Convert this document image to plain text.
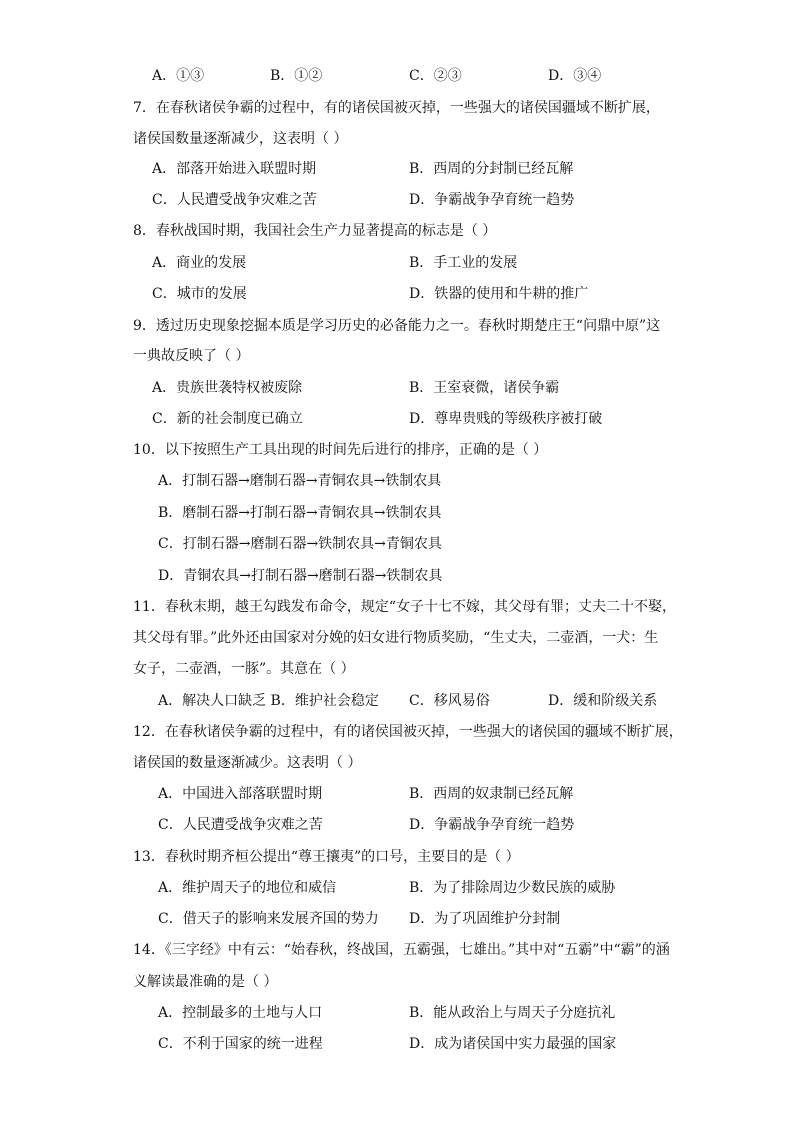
A．①③	B．①②	C．②③	D．③④
7．在春秋诸侯争霸的过程中，有的诸侯国被灭掉，一些强大的诸侯国疆域不断扩展，
诸侯国数量逐渐减少，这表明（ ）
A．部落开始进入联盟时期	B．西周的分封制已经瓦解
C．人民遭受战争灾难之苦	D．争霸战争孕育统一趋势
8．春秋战国时期，我国社会生产力显著提高的标志是（ ）
A．商业的发展	B．手工业的发展
C．城市的发展	D．铁器的使用和牛耕的推广
9．透过历史现象挖掘本质是学习历史的必备能力之一。春秋时期楚庄王“问鼎中原”这
一典故反映了（ ）
A．贵族世袭特权被废除	B．王室衰微，诸侯争霸
C．新的社会制度已确立	D．尊卑贵贱的等级秩序被打破
10．以下按照生产工具出现的时间先后进行的排序，正确的是（ ）
A．打制石器→磨制石器→青铜农具→铁制农具
B．磨制石器→打制石器→青铜农具→铁制农具
C．打制石器→磨制石器→铁制农具→青铜农具
D．青铜农具→打制石器→磨制石器→铁制农具
11．春秋末期，越王勾践发布命令，规定“女子十七不嫁，其父母有罪；丈夫二十不娶，
其父母有罪。”此外还由国家对分娩的妇女进行物质奖励，“生丈夫，二壶酒，一犬：生
女子，二壶酒，一豚”。其意在（ ）
A．解决人口缺乏 B．维护社会稳定 C．移风易俗	D．缓和阶级关系
12．在春秋诸侯争霸的过程中，有的诸侯国被灭掉，一些强大的诸侯国的疆域不断扩展，
诸侯国的数量逐渐减少。这表明（ ）
A．中国进入部落联盟时期	B．西周的奴隶制已经瓦解
C．人民遭受战争灾难之苦	D．争霸战争孕育统一趋势
13．春秋时期齐桓公提出“尊王攘夷”的口号，主要目的是（ ）
A．维护周天子的地位和威信	B．为了排除周边少数民族的威胁
C．借天子的影响来发展齐国的势力 D．为了巩固维护分封制
14．《三字经》中有云：“始春秋，终战国，五霸强，七雄出。”其中对“五霸”中“霸”的涵
义解读最准确的是（ ）
A．控制最多的土地与人口	B．能从政治上与周天子分庭抗礼
C．不利于国家的统一进程	D．成为诸侯国中实力最强的国家
